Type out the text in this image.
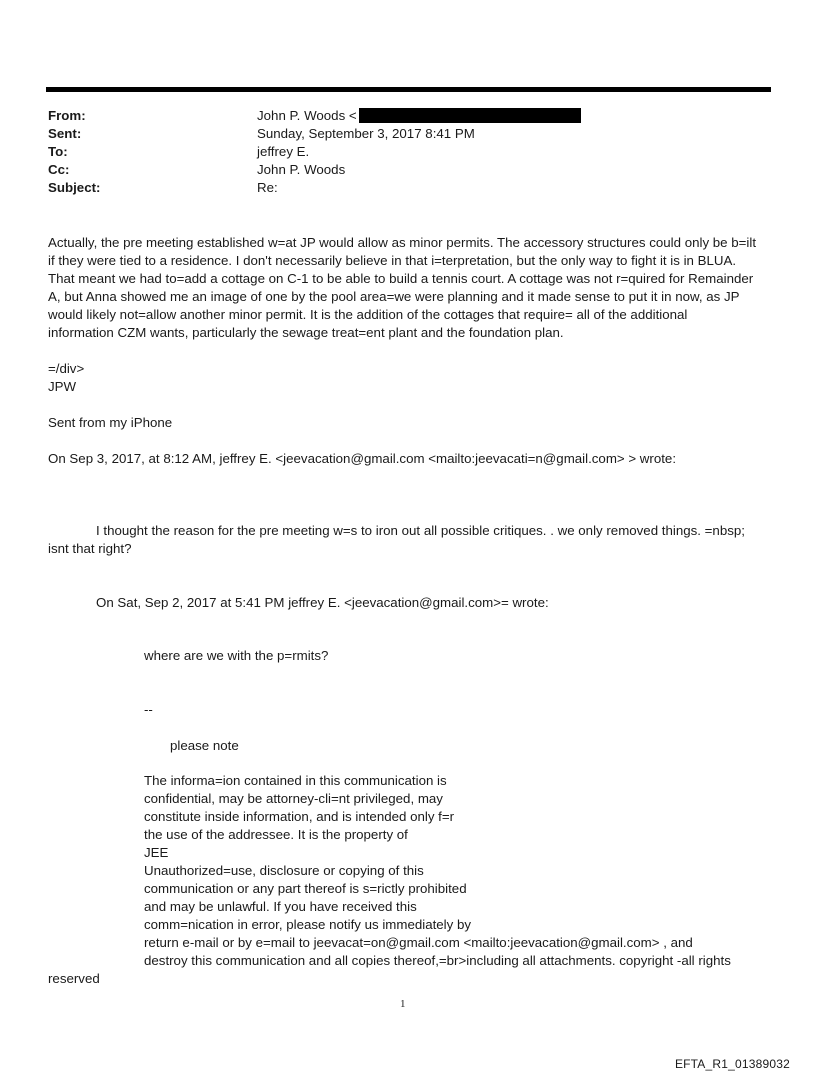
From:	John P. Woods <
Sent:	Sunday, September 3, 2017 8:41 PM
To:	jeffrey E.
Cc:	John P. Woods
Subject:	Re:
Actually, the pre meeting established w=at JP would allow as minor permits. The accessory structures could only be b=ilt
if they were tied to a residence. I don't necessarily believe in that i=terpretation, but the only way to fight it is in BLUA.
That meant we had to=add a cottage on C-1 to be able to build a tennis court. A cottage was not r=quired for Remainder
A, but Anna showed me an image of one by the pool area=we were planning and it made sense to put it in now, as JP
would likely not=allow another minor permit. It is the addition of the cottages that require= all of the additional
information CZM wants, particularly the sewage treat=ent plant and the foundation plan.
=/div>
JPW
Sent from my iPhone
On Sep 3, 2017, at 8:12 AM, jeffrey E. <jeevacation@gmail.com <mailto:jeevacati=n@gmail.com> > wrote:
I thought the reason for the pre meeting w=s to iron out all possible critiques. . we only removed things. =nbsp;
isnt that right?
On Sat, Sep 2, 2017 at 5:41 PM jeffrey E. <jeevacation@gmail.com>= wrote:
where are we with the p=rmits?
--
please note
The informa=ion contained in this communication is
confidential, may be attorney-cli=nt privileged, may
constitute inside information, and is intended only f=r
the use of the addressee. It is the property of
JEE
Unauthorized=use, disclosure or copying of this
communication or any part thereof is s=rictly prohibited
and may be unlawful. If you have received this
comm=nication in error, please notify us immediately by
return e-mail or by e=mail to jeevacat=on@gmail.com <mailto:jeevacation@gmail.com> , and
destroy this communication and all copies thereof,=br>including all attachments. copyright -all rights
reserved
1
EFTA_R1_01389032
